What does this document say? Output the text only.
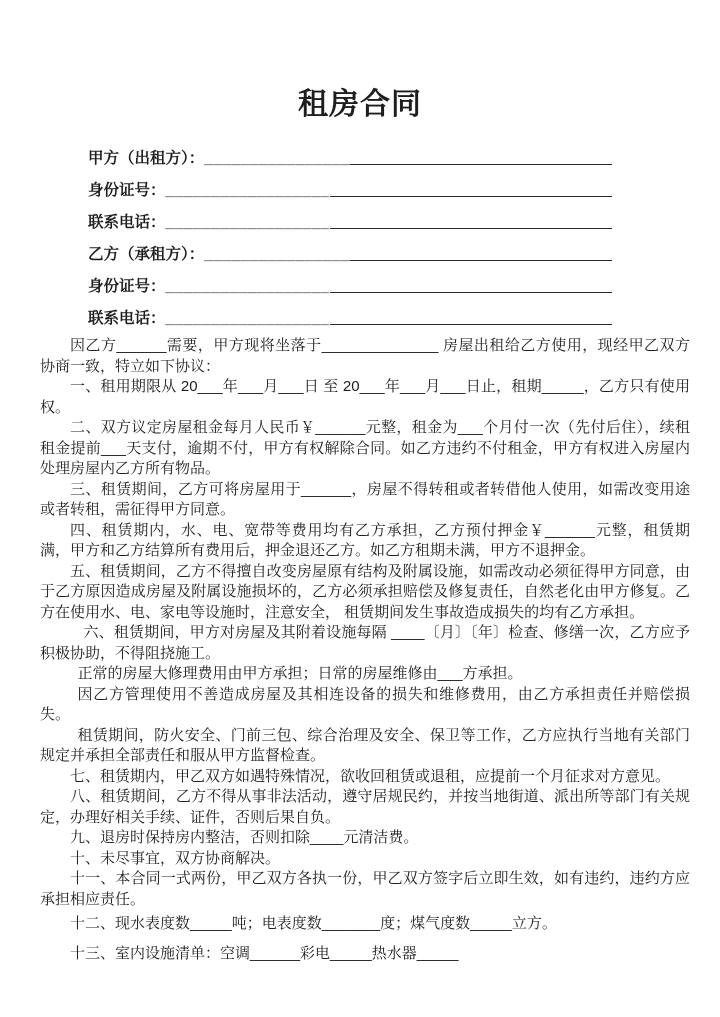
租房合同
甲方（出租方）： ________________
身份证号： __________________
联系电话： __________________
乙方（承租方）： ________________
身份证号： __________________
联系电话： __________________

因乙方______需要，甲方现将坐落于______________ 房屋出租给乙方使用，现经甲乙双方协商一致，特立如下协议：

一、租用期限从 20___年___月___日 至 20___年___月___日止，租期_____，乙方只有使用权。

二、双方议定房屋租金每月人民币￥______元整，租金为___个月付一次（先付后住），续租租金提前___天支付，逾期不付，甲方有权解除合同。如乙方违约不付租金，甲方有权进入房屋内处理房屋内乙方所有物品。

三、租赁期间，乙方可将房屋用于______，房屋不得转租或者转借他人使用，如需改变用途或者转租，需征得甲方同意。

四、租赁期内，水、电、宽带等费用均有乙方承担，乙方预付押金￥______元整，租赁期满，甲方和乙方结算所有费用后，押金退还乙方。如乙方租期未满，甲方不退押金。

五、租赁期间，乙方不得擅自改变房屋原有结构及附属设施，如需改动必须征得甲方同意，由于乙方原因造成房屋及附属设施损坏的，乙方必须承担赔偿及修复责任，自然老化由甲方修复。乙方在使用水、电、家电等设施时，注意安全， 租赁期间发生事故造成损失的均有乙方承担。

六、租赁期间，甲方对房屋及其附着设施每隔 ____〔月〕〔年〕检查、修缮一次，乙方应予积极协助，不得阻挠施工。

正常的房屋大修理费用由甲方承担；日常的房屋维修由___方承担。

因乙方管理使用不善造成房屋及其相连设备的损失和维修费用，由乙方承担责任并赔偿损失。

租赁期间，防火安全、门前三包、综合治理及安全、保卫等工作，乙方应执行当地有关部门规定并承担全部责任和服从甲方监督检查。

七、租赁期内，甲乙双方如遇特殊情况，欲收回租赁或退租，应提前一个月征求对方意见。

八、租赁期间，乙方不得从事非法活动，遵守居规民约，并按当地街道、派出所等部门有关规定，办理好相关手续、证件，否则后果自负。

九、退房时保持房内整洁，否则扣除____元清洁费。

十、未尽事宜，双方协商解决。

十一、本合同一式两份，甲乙双方各执一份，甲乙双方签字后立即生效，如有违约，违约方应承担相应责任。

十二、现水表度数_____吨；电表度数_______度；煤气度数_____立方。

十三、室内设施清单：空调______彩电_____热水器_____
